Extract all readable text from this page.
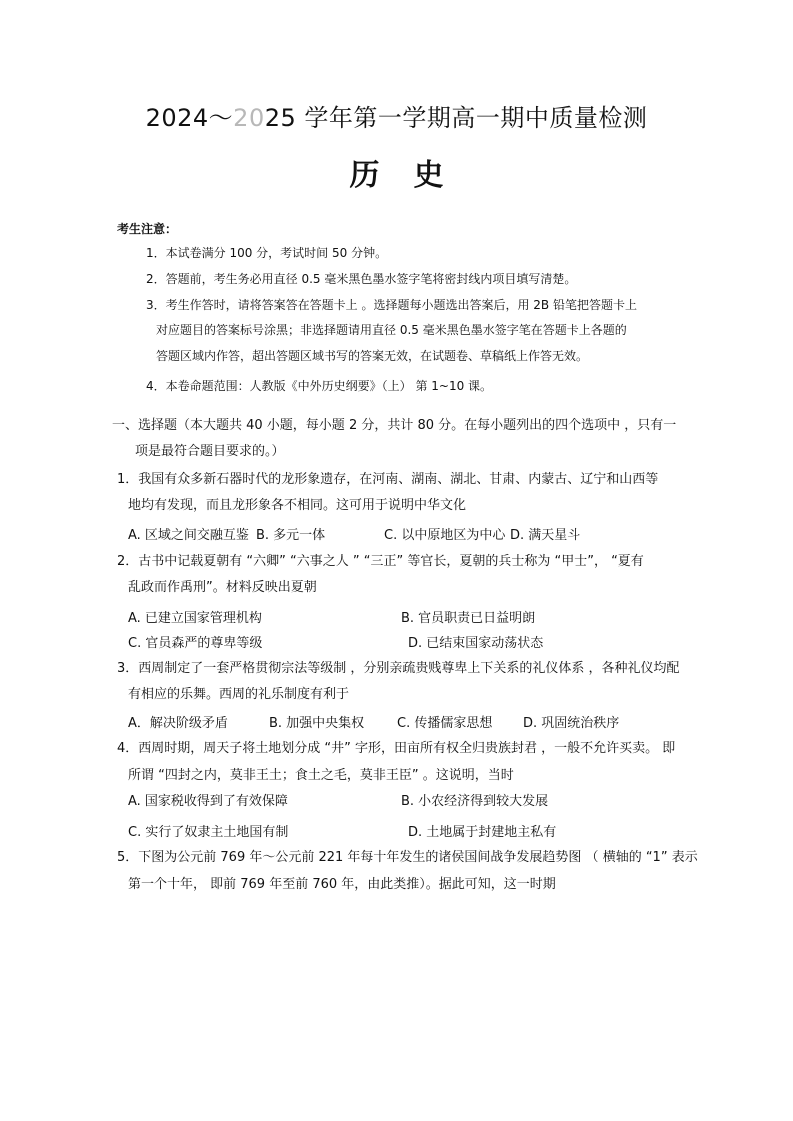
2024～2025 学年第一学期高一期中质量检测
历史
考生注意：
1．本试卷满分 100 分，考试时间 50 分钟。
2．答题前，考生务必用直径 0.5 毫米黑色墨水签字笔将密封线内项目填写清楚。
3．考生作答时，请将答案答在答题卡上 。选择题每小题选出答案后，用 2B 铅笔把答题卡上
对应题目的答案标号涂黑；非选择题请用直径 0.5 毫米黑色墨水签字笔在答题卡上各题的
答题区域内作答，超出答题区域书写的答案无效，在试题卷、草稿纸上作答无效。
4．本卷命题范围：人教版《中外历史纲要》（上） 第 1~10 课。
一、选择题（本大题共 40 小题，每小题 2 分，共计 80 分。在每小题列出的四个选项中 ，只有一
项是最符合题目要求的。）
1．我国有众多新石器时代的龙形象遗存，在河南、湖南、湖北、甘肃、内蒙古、辽宁和山西等
地均有发现，而且龙形象各不相同。这可用于说明中华文化
A. 区域之间交融互鉴 B. 多元一体	C. 以中原地区为中心 D. 满天星斗
2．古书中记载夏朝有 “六卿” “六事之人 ” “三正” 等官长，夏朝的兵士称为 “甲士”， “夏有
乱政而作禹刑”。材料反映出夏朝
A. 已建立国家管理机构	B. 官员职责已日益明朗
C. 官员森严的尊卑等级	D. 已结束国家动荡状态
3．西周制定了一套严格贯彻宗法等级制 ，分别亲疏贵贱尊卑上下关系的礼仪体系 ，各种礼仪均配
有相应的乐舞。西周的礼乐制度有利于
A．解决阶级矛盾	B. 加强中央集权	C. 传播儒家思想 D. 巩固统治秩序
4．西周时期，周天子将土地划分成 “井” 字形，田亩所有权全归贵族封君 ，一般不允许买卖。 即
所谓 “四封之内，莫非王土；食土之毛，莫非王臣” 。这说明，当时
A. 国家税收得到了有效保障	B. 小农经济得到较大发展
C. 实行了奴隶主土地国有制	D. 土地属于封建地主私有
5．下图为公元前 769 年～公元前 221 年每十年发生的诸侯国间战争发展趋势图 （ 横轴的 “1” 表示
第一个十年， 即前 769 年至前 760 年，由此类推）。据此可知，这一时期
